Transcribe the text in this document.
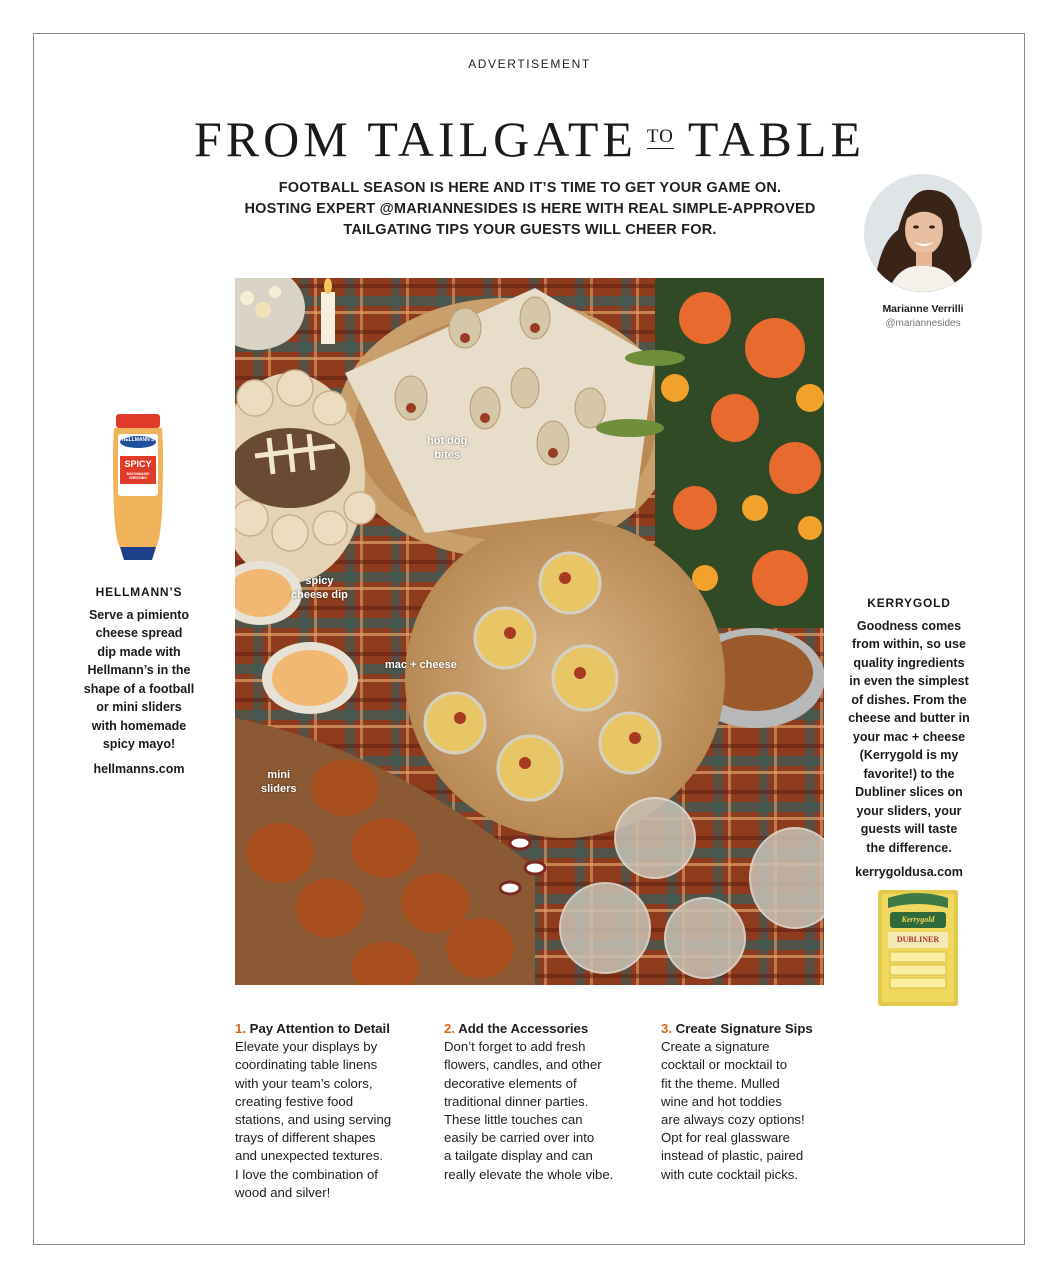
ADVERTISEMENT
FROM TAILGATE $^{TO}$ TABLE
FOOTBALL SEASON IS HERE AND IT’S TIME TO GET YOUR GAME ON.
HOSTING EXPERT @MARIANNESIDES IS HERE WITH REAL SIMPLE-APPROVED
TAILGATING TIPS YOUR GUESTS WILL CHEER FOR.
Marianne Verrilli
@mariannesides
hot dog
bites
spicy
cheese dip
mac + cheese
mini
sliders
HELLMANN'S
SPICY
MAYONNAISE DRESSING
HELLMANN’S
Serve a pimiento
cheese spread
dip made with
Hellmann’s in the
shape of a football
or mini sliders
with homemade
spicy mayo!
hellmanns.com
KERRYGOLD
Goodness comes
from within, so use
quality ingredients
in even the simplest
of dishes. From the
cheese and butter in
your mac + cheese
(Kerrygold is my
favorite!) to the
Dubliner slices on
your sliders, your
guests will taste
the difference.
kerrygoldusa.com
Kerrygold
DUBLINER
1. Pay Attention to Detail
Elevate your displays by
coordinating table linens
with your team’s colors,
creating festive food
stations, and using serving
trays of different shapes
and unexpected textures.
I love the combination of
wood and silver!
2. Add the Accessories
Don’t forget to add fresh
flowers, candles, and other
decorative elements of
traditional dinner parties.
These little touches can
easily be carried over into
a tailgate display and can
really elevate the whole vibe.
3. Create Signature Sips
Create a signature
cocktail or mocktail to
fit the theme. Mulled
wine and hot toddies
are always cozy options!
Opt for real glassware
instead of plastic, paired
with cute cocktail picks.
